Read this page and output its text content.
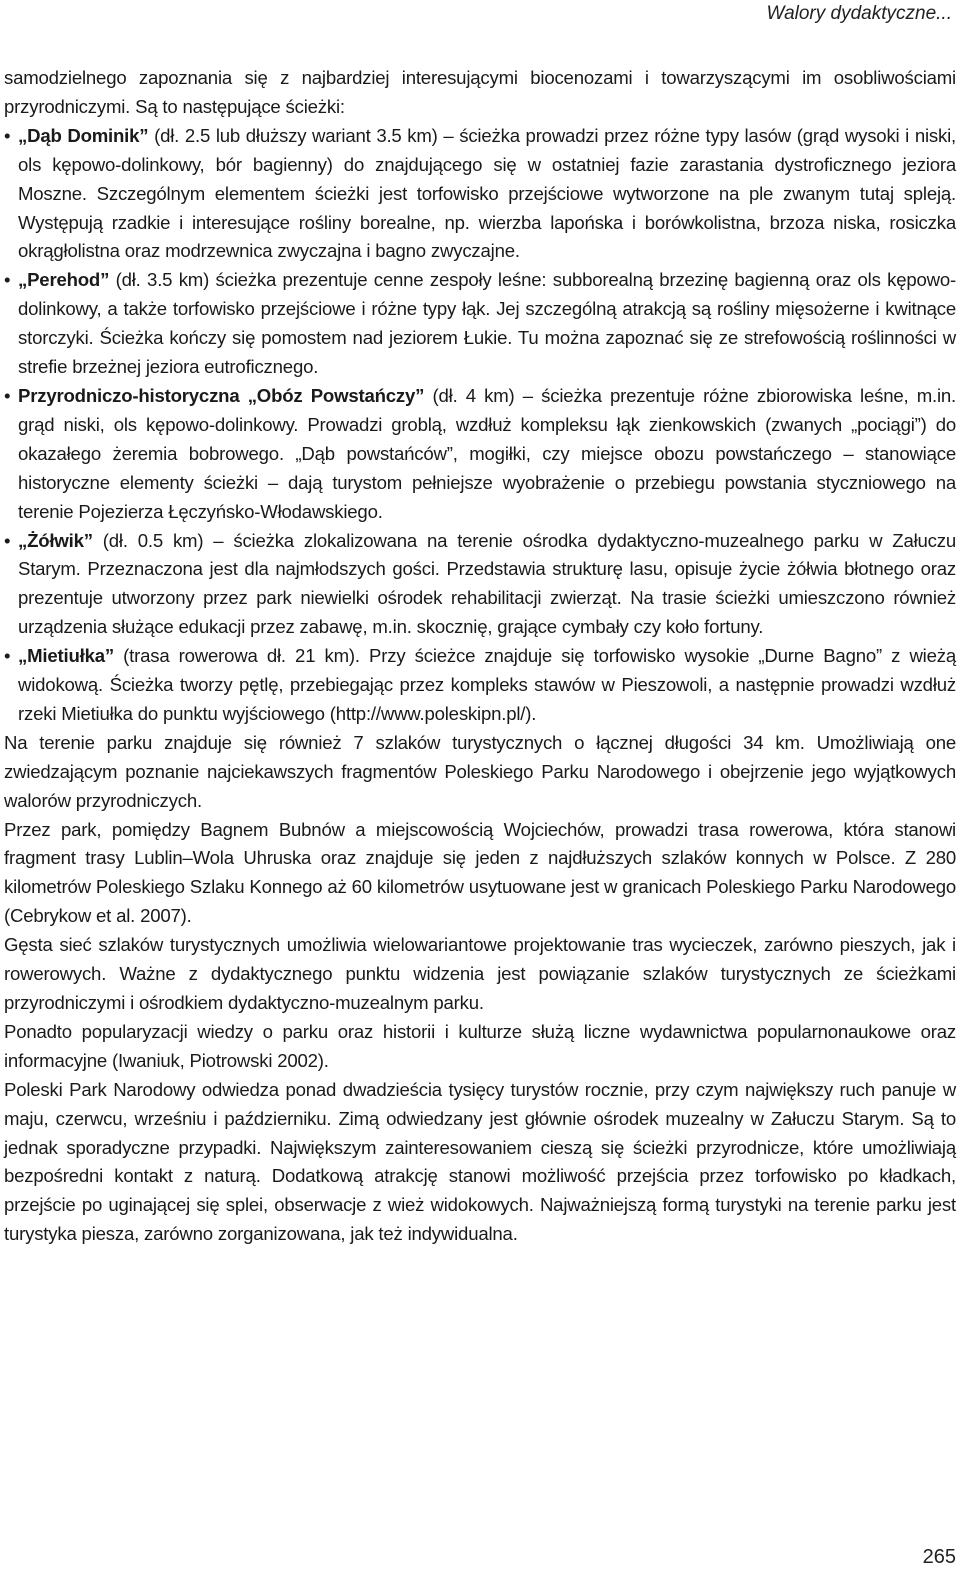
Walory dydaktyczne...

samodzielnego zapoznania się z najbardziej interesującymi biocenozami i towarzyszącymi im osobliwościami przyrodniczymi. Są to następujące ścieżki:

• „Dąb Dominik” (dł. 2.5 lub dłuższy wariant 3.5 km) – ścieżka prowadzi przez różne typy lasów (grąd wysoki i niski, ols kępowo-dolinkowy, bór bagienny) do znajdującego się w ostatniej fazie zarastania dystroficznego jeziora Moszne. Szczególnym elementem ścieżki jest torfowisko przejściowe wytworzone na ple zwanym tutaj spleją. Występują rzadkie i interesujące rośliny borealne, np. wierzba lapońska i borówkolistna, brzoza niska, rosiczka okrągłolistna oraz modrzewnica zwyczajna i bagno zwyczajne.
• „Perehod” (dł. 3.5 km) ścieżka prezentuje cenne zespoły leśne: subborealną brzezinę bagienną oraz ols kępowo-dolinkowy, a także torfowisko przejściowe i różne typy łąk. Jej szczególną atrakcją są rośliny mięsożerne i kwitnące storczyki. Ścieżka kończy się pomostem nad jeziorem Łukie. Tu można zapoznać się ze strefowością roślinności w strefie brzeżnej jeziora eutroficznego.
• Przyrodniczo-historyczna „Obóz Powstańczy” (dł. 4 km) – ścieżka prezentuje różne zbiorowiska leśne, m.in. grąd niski, ols kępowo-dolinkowy. Prowadzi groblą, wzdłuż kompleksu łąk zienkowskich (zwanych „pociągi”) do okazałego żeremia bobrowego. „Dąb powstańców”, mogiłki, czy miejsce obozu powstańczego – stanowiące historyczne elementy ścieżki – dają turystom pełniejsze wyobrażenie o przebiegu powstania styczniowego na terenie Pojezierza Łęczyńsko-Włodawskiego.
• „Żółwik” (dł. 0.5 km) – ścieżka zlokalizowana na terenie ośrodka dydaktyczno-muzealnego parku w Załuczu Starym. Przeznaczona jest dla najmłodszych gości. Przedstawia strukturę lasu, opisuje życie żółwia błotnego oraz prezentuje utworzony przez park niewielki ośrodek rehabilitacji zwierząt. Na trasie ścieżki umieszczono również urządzenia służące edukacji przez zabawę, m.in. skocznię, grające cymbały czy koło fortuny.
• „Mietiułka” (trasa rowerowa dł. 21 km). Przy ścieżce znajduje się torfowisko wysokie „Durne Bagno” z wieżą widokową. Ścieżka tworzy pętlę, przebiegając przez kompleks stawów w Pieszowoli, a następnie prowadzi wzdłuż rzeki Mietiułka do punktu wyjściowego (http://www.poleskipn.pl/).

Na terenie parku znajduje się również 7 szlaków turystycznych o łącznej długości 34 km. Umożliwiają one zwiedzającym poznanie najciekawszych fragmentów Poleskiego Parku Narodowego i obejrzenie jego wyjątkowych walorów przyrodniczych.

Przez park, pomiędzy Bagnem Bubnów a miejscowością Wojciechów, prowadzi trasa rowerowa, która stanowi fragment trasy Lublin–Wola Uhruska oraz znajduje się jeden z najdłuższych szlaków konnych w Polsce. Z 280 kilometrów Poleskiego Szlaku Konnego aż 60 kilometrów usytuowane jest w granicach Poleskiego Parku Narodowego (Cebrykow et al. 2007).

Gęsta sieć szlaków turystycznych umożliwia wielowariantowe projektowanie tras wycieczek, zarówno pieszych, jak i rowerowych. Ważne z dydaktycznego punktu widzenia jest powiązanie szlaków turystycznych ze ścieżkami przyrodniczymi i ośrodkiem dydaktyczno-muzealnym parku.

Ponadto popularyzacji wiedzy o parku oraz historii i kulturze służą liczne wydawnictwa popularnonaukowe oraz informacyjne (Iwaniuk, Piotrowski 2002).

Poleski Park Narodowy odwiedza ponad dwadzieścia tysięcy turystów rocznie, przy czym największy ruch panuje w maju, czerwcu, wrześniu i październiku. Zimą odwiedzany jest głównie ośrodek muzealny w Załuczu Starym. Są to jednak sporadyczne przypadki. Największym zainteresowaniem cieszą się ścieżki przyrodnicze, które umożliwiają bezpośredni kontakt z naturą. Dodatkową atrakcję stanowi możliwość przejścia przez torfowisko po kładkach, przejście po uginającej się splei, obserwacje z wież widokowych. Najważniejszą formą turystyki na terenie parku jest turystyka piesza, zarówno zorganizowana, jak też indywidualna.

265
